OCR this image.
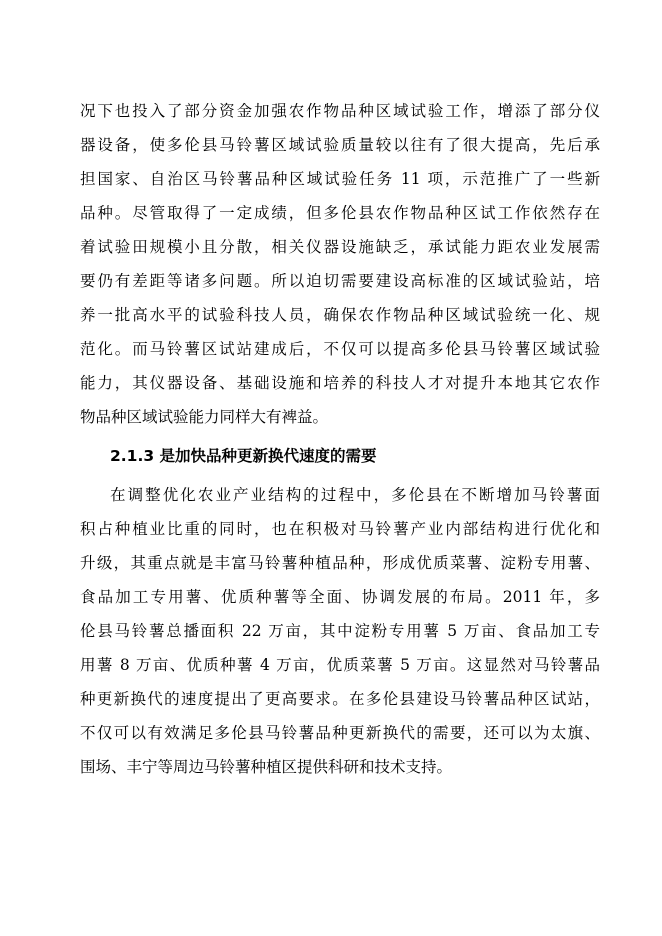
况下也投入了部分资金加强农作物品种区域试验工作，增添了部分仪
器设备，使多伦县马铃薯区域试验质量较以往有了很大提高，先后承
担国家、自治区马铃薯品种区域试验任务 11 项，示范推广了一些新
品种。尽管取得了一定成绩，但多伦县农作物品种区试工作依然存在
着试验田规模小且分散，相关仪器设施缺乏，承试能力距农业发展需
要仍有差距等诸多问题。所以迫切需要建设高标准的区域试验站，培
养一批高水平的试验科技人员，确保农作物品种区域试验统一化、规
范化。而马铃薯区试站建成后，不仅可以提高多伦县马铃薯区域试验
能力，其仪器设备、基础设施和培养的科技人才对提升本地其它农作
物品种区域试验能力同样大有裨益。
2.1.3 是加快品种更新换代速度的需要
在调整优化农业产业结构的过程中，多伦县在不断增加马铃薯面
积占种植业比重的同时，也在积极对马铃薯产业内部结构进行优化和
升级，其重点就是丰富马铃薯种植品种，形成优质菜薯、淀粉专用薯、
食品加工专用薯、优质种薯等全面、协调发展的布局。2011 年，多
伦县马铃薯总播面积 22 万亩，其中淀粉专用薯 5 万亩、食品加工专
用薯 8 万亩、优质种薯 4 万亩，优质菜薯 5 万亩。这显然对马铃薯品
种更新换代的速度提出了更高要求。在多伦县建设马铃薯品种区试站，
不仅可以有效满足多伦县马铃薯品种更新换代的需要，还可以为太旗、
围场、丰宁等周边马铃薯种植区提供科研和技术支持。
